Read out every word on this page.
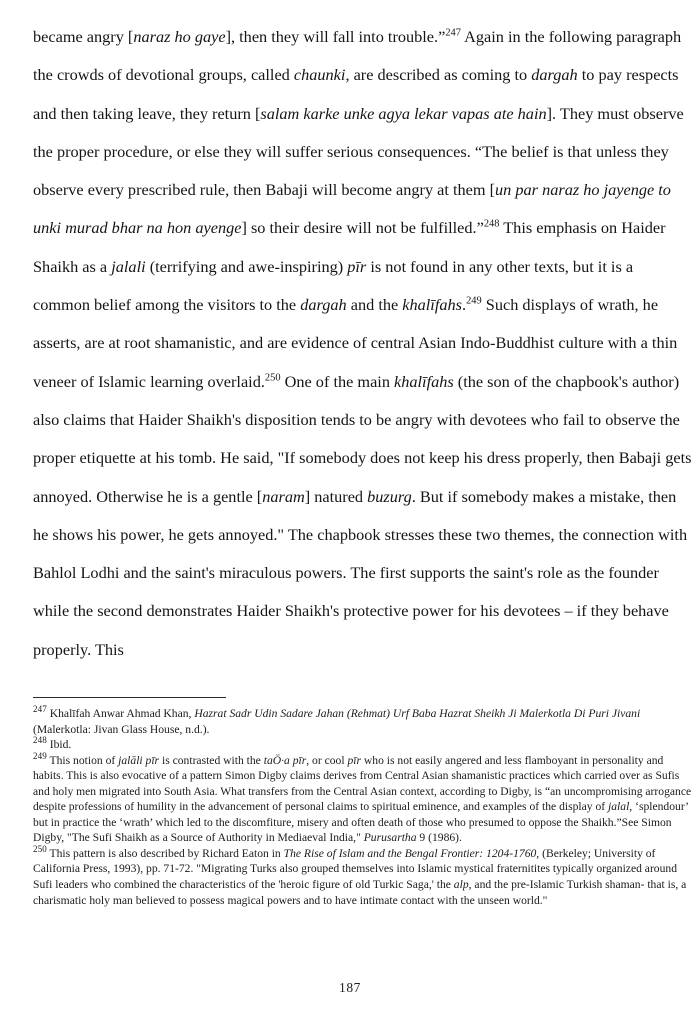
became angry [naraz ho gaye], then they will fall into trouble.”$^{247}$ Again in the following paragraph the crowds of devotional groups, called chaunki, are described as coming to dargah to pay respects and then taking leave, they return [salam karke unke agya lekar vapas ate hain]. They must observe the proper procedure, or else they will suffer serious consequences. “The belief is that unless they observe every prescribed rule, then Babaji will become angry at them [un par naraz ho jayenge to unki murad bhar na hon ayenge] so their desire will not be fulfilled.”$^{248}$ This emphasis on Haider Shaikh as a jalali (terrifying and awe-inspiring) pīr is not found in any other texts, but it is a common belief among the visitors to the dargah and the khalīfahs.$^{249}$ Such displays of wrath, he asserts, are at root shamanistic, and are evidence of central Asian Indo-Buddhist culture with a thin veneer of Islamic learning overlaid.$^{250}$ One of the main khalīfahs (the son of the chapbook's author) also claims that Haider Shaikh's disposition tends to be angry with devotees who fail to observe the proper etiquette at his tomb. He said, "If somebody does not keep his dress properly, then Babaji gets annoyed. Otherwise he is a gentle [naram] natured buzurg. But if somebody makes a mistake, then he shows his power, he gets annoyed." The chapbook stresses these two themes, the connection with Bahlol Lodhi and the saint's miraculous powers. The first supports the saint's role as the founder while the second demonstrates Haider Shaikh's protective power for his devotees – if they behave properly. This

$^{247}$ Khalīfah Anwar Ahmad Khan, Hazrat Sadr Udin Sadare Jahan (Rehmat) Urf Baba Hazrat Sheikh Ji Malerkotla Di Puri Jivani (Malerkotla: Jivan Glass House, n.d.).

$^{248}$ Ibid.

$^{249}$ This notion of jalāli pīr is contrasted with the taÖ·a pīr, or cool pīr who is not easily angered and less flamboyant in personality and habits. This is also evocative of a pattern Simon Digby claims derives from Central Asian shamanistic practices which carried over as Sufis and holy men migrated into South Asia. What transfers from the Central Asian context, according to Digby, is “an uncompromising arrogance despite professions of humility in the advancement of personal claims to spiritual eminence, and examples of the display of jalal, ‘splendour’ but in practice the ‘wrath’ which led to the discomfiture, misery and often death of those who presumed to oppose the Shaikh.”See Simon Digby, "The Sufi Shaikh as a Source of Authority in Mediaeval India," Purusartha 9 (1986).

$^{250}$ This pattern is also described by Richard Eaton in The Rise of Islam and the Bengal Frontier: 1204-1760, (Berkeley; University of California Press, 1993), pp. 71-72. "Migrating Turks also grouped themselves into Islamic mystical fraternitites typically organized around Sufi leaders who combined the characteristics of the 'heroic figure of old Turkic Saga,' the alp, and the pre-Islamic Turkish shaman- that is, a charismatic holy man believed to possess magical powers and to have intimate contact with the unseen world."

187
